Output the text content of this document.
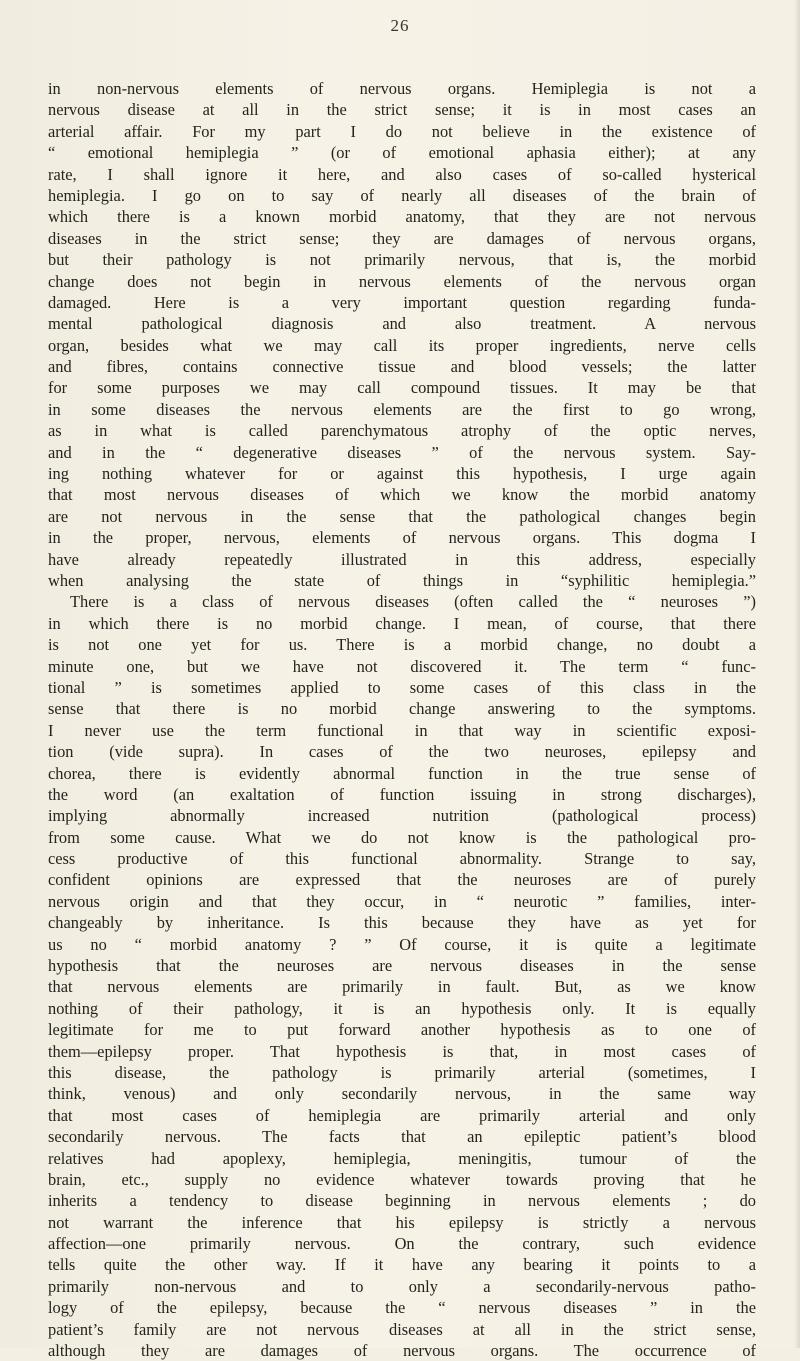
26
in non-nervous elements of nervous organs. Hemiplegia is not a
nervous disease at all in the strict sense; it is in most cases an
arterial affair. For my part I do not believe in the existence of
“ emotional hemiplegia ” (or of emotional aphasia either); at any
rate, I shall ignore it here, and also cases of so-called hysterical
hemiplegia. I go on to say of nearly all diseases of the brain of
which there is a known morbid anatomy, that they are not nervous
diseases in the strict sense; they are damages of nervous organs,
but their pathology is not primarily nervous, that is, the morbid
change does not begin in nervous elements of the nervous organ
damaged. Here is a very important question regarding funda-
mental pathological diagnosis and also treatment. A nervous
organ, besides what we may call its proper ingredients, nerve cells
and fibres, contains connective tissue and blood vessels; the latter
for some purposes we may call compound tissues. It may be that
in some diseases the nervous elements are the first to go wrong,
as in what is called parenchymatous atrophy of the optic nerves,
and in the “ degenerative diseases ” of the nervous system. Say-
ing nothing whatever for or against this hypothesis, I urge again
that most nervous diseases of which we know the morbid anatomy
are not nervous in the sense that the pathological changes begin
in the proper, nervous, elements of nervous organs. This dogma I
have already repeatedly illustrated in this address, especially
when analysing the state of things in “syphilitic hemiplegia.”
There is a class of nervous diseases (often called the “ neuroses ”)
in which there is no morbid change. I mean, of course, that there
is not one yet for us. There is a morbid change, no doubt a
minute one, but we have not discovered it. The term “ func-
tional ” is sometimes applied to some cases of this class in the
sense that there is no morbid change answering to the symptoms.
I never use the term functional in that way in scientific exposi-
tion (vide supra). In cases of the two neuroses, epilepsy and
chorea, there is evidently abnormal function in the true sense of
the word (an exaltation of function issuing in strong discharges),
implying abnormally increased nutrition (pathological process)
from some cause. What we do not know is the pathological pro-
cess productive of this functional abnormality. Strange to say,
confident opinions are expressed that the neuroses are of purely
nervous origin and that they occur, in “ neurotic ” families, inter-
changeably by inheritance. Is this because they have as yet for
us no “ morbid anatomy ? ” Of course, it is quite a legitimate
hypothesis that the neuroses are nervous diseases in the sense
that nervous elements are primarily in fault. But, as we know
nothing of their pathology, it is an hypothesis only. It is equally
legitimate for me to put forward another hypothesis as to one of
them—epilepsy proper. That hypothesis is that, in most cases of
this disease, the pathology is primarily arterial (sometimes, I
think, venous) and only secondarily nervous, in the same way
that most cases of hemiplegia are primarily arterial and only
secondarily nervous. The facts that an epileptic patient’s blood
relatives had apoplexy, hemiplegia, meningitis, tumour of the
brain, etc., supply no evidence whatever towards proving that he
inherits a tendency to disease beginning in nervous elements ; do
not warrant the inference that his epilepsy is strictly a nervous
affection—one primarily nervous. On the contrary, such evidence
tells quite the other way. If it have any bearing it points to a
primarily non-nervous and to only a secondarily-nervous patho-
logy of the epilepsy, because the “ nervous diseases ” in the
patient’s family are not nervous diseases at all in the strict sense,
although they are damages of nervous organs. The occurrence of
